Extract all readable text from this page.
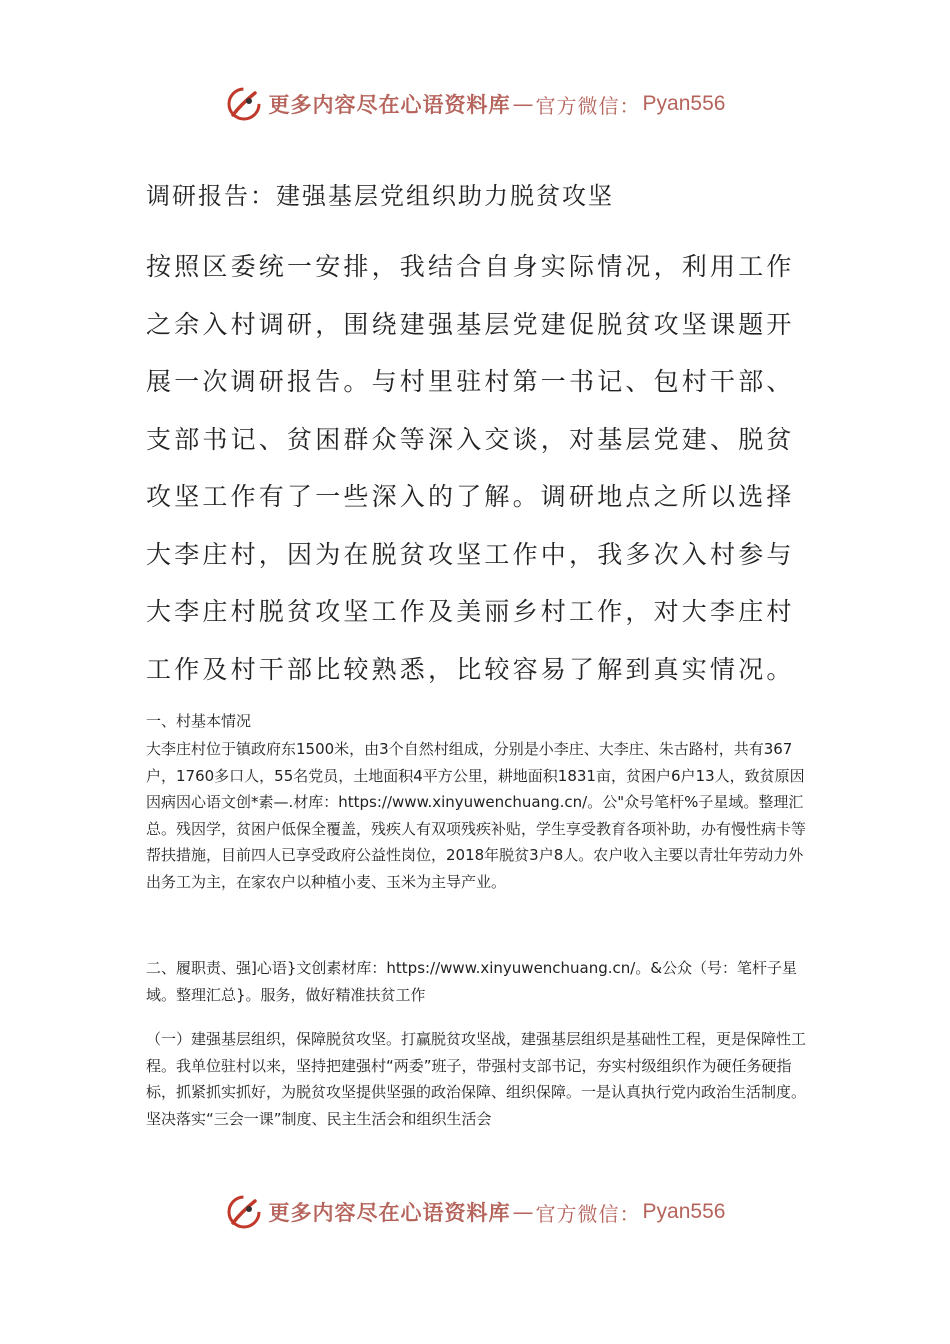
更多内容尽在心语资料库 — 官方微信： Pyan556
调研报告：建强基层党组织助力脱贫攻坚

按照区委统一安排，我结合自身实际情况，利用工作之余入村调研，围绕建强基层党建促脱贫攻坚课题开展一次调研报告。与村里驻村第一书记、包村干部、支部书记、贫困群众等深入交谈，对基层党建、脱贫攻坚工作有了一些深入的了解。调研地点之所以选择大李庄村，因为在脱贫攻坚工作中，我多次入村参与大李庄村脱贫攻坚工作及美丽乡村工作，对大李庄村工作及村干部比较熟悉，比较容易了解到真实情况。

一、村基本情况

大李庄村位于镇政府东1500米，由3个自然村组成，分别是小李庄、大李庄、朱古路村，共有367户，1760多口人，55名党员，土地面积4平方公里，耕地面积1831亩，贫困户6户13人，致贫原因因病因心语文创*素—.材库：https://www.xinyuwenchuang.cn/。公"众号笔杆%子星域。整理汇总。残因学，贫困户低保全覆盖，残疾人有双项残疾补贴，学生享受教育各项补助，办有慢性病卡等帮扶措施，目前四人已享受政府公益性岗位，2018年脱贫3户8人。农户收入主要以青壮年劳动力外出务工为主，在家农户以种植小麦、玉米为主导产业。

二、履职责、强]心语}文创素材库：https://www.xinyuwenchuang.cn/。&公众（号：笔杆子星域。整理汇总}。服务，做好精准扶贫工作

（一）建强基层组织，保障脱贫攻坚。打赢脱贫攻坚战，建强基层组织是基础性工程，更是保障性工程。我单位驻村以来，坚持把建强村“两委”班子，带强村支部书记，夯实村级组织作为硬任务硬指标，抓紧抓实抓好，为脱贫攻坚提供坚强的政治保障、组织保障。一是认真执行党内政治生活制度。坚决落实“三会一课”制度、民主生活会和组织生活会

更多内容尽在心语资料库 — 官方微信： Pyan556
